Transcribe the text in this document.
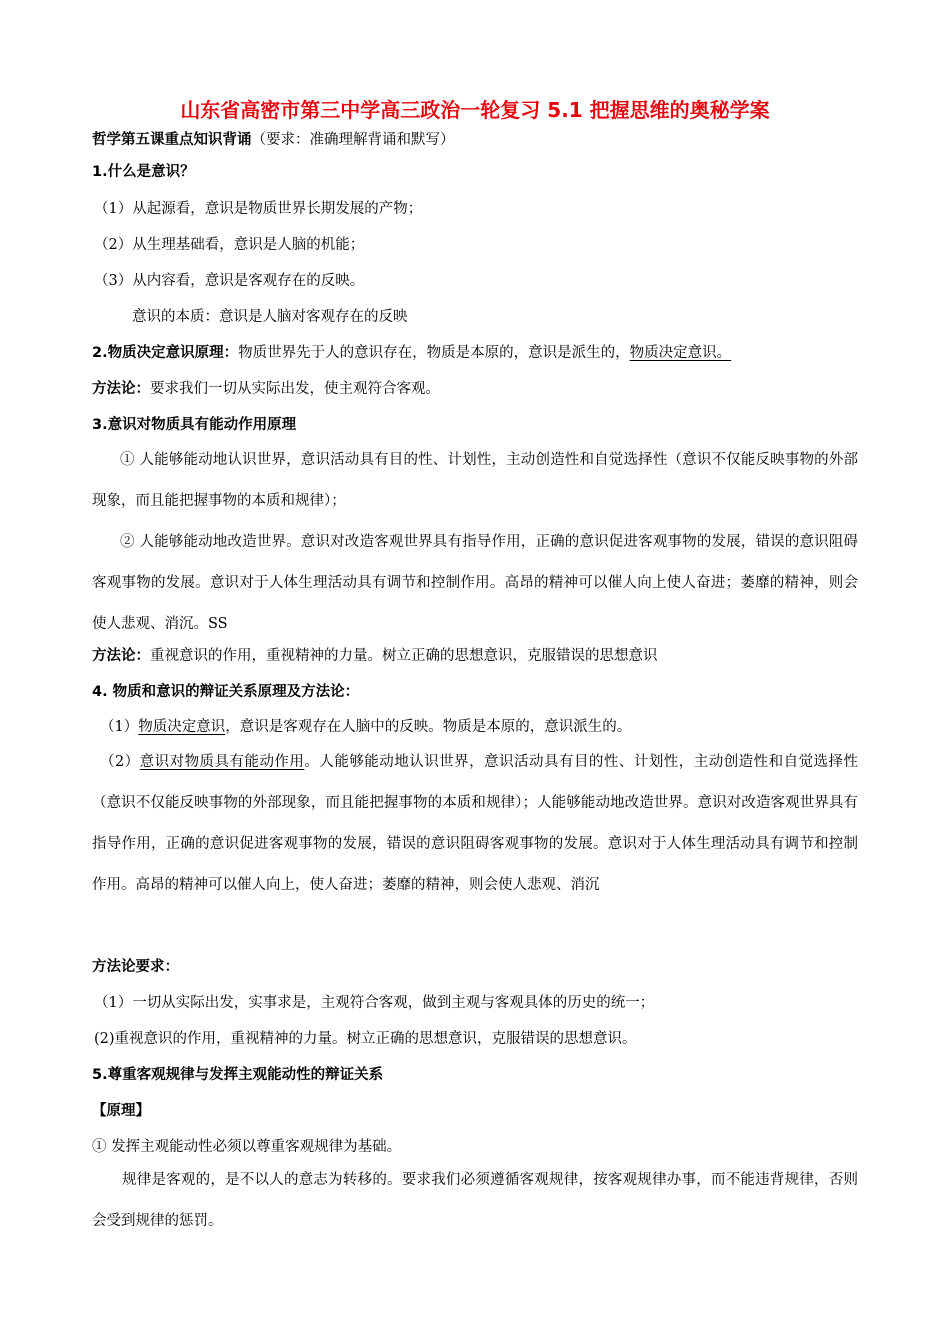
山东省高密市第三中学高三政治一轮复习 5.1 把握思维的奥秘学案
哲学第五课重点知识背诵（要求：准确理解背诵和默写）
1.什么是意识？
（1）从起源看，意识是物质世界长期发展的产物；
（2）从生理基础看，意识是人脑的机能；
（3）从内容看，意识是客观存在的反映。
意识的本质：意识是人脑对客观存在的反映
2.物质决定意识原理：物质世界先于人的意识存在，物质是本原的，意识是派生的，物质决定意识。
方法论：要求我们一切从实际出发，使主观符合客观。
3.意识对物质具有能动作用原理
① 人能够能动地认识世界，意识活动具有目的性、计划性，主动创造性和自觉选择性（意识不仅能反映事物的外部现象，而且能把握事物的本质和规律）；
② 人能够能动地改造世界。意识对改造客观世界具有指导作用，正确的意识促进客观事物的发展，错误的意识阻碍客观事物的发展。意识对于人体生理活动具有调节和控制作用。高昂的精神可以催人向上使人奋进；萎靡的精神，则会使人悲观、消沉。SS
方法论：重视意识的作用，重视精神的力量。树立正确的思想意识，克服错误的思想意识
4. 物质和意识的辩证关系原理及方法论：
（1）物质决定意识，意识是客观存在人脑中的反映。物质是本原的，意识派生的。
（2）意识对物质具有能动作用。人能够能动地认识世界，意识活动具有目的性、计划性，主动创造性和自觉选择性（意识不仅能反映事物的外部现象，而且能把握事物的本质和规律）；人能够能动地改造世界。意识对改造客观世界具有指导作用，正确的意识促进客观事物的发展，错误的意识阻碍客观事物的发展。意识对于人体生理活动具有调节和控制作用。高昂的精神可以催人向上，使人奋进；萎靡的精神，则会使人悲观、消沉
方法论要求：
（1）一切从实际出发，实事求是，主观符合客观，做到主观与客观具体的历史的统一；
(2)重视意识的作用，重视精神的力量。树立正确的思想意识，克服错误的思想意识。
5.尊重客观规律与发挥主观能动性的辩证关系
【原理】
① 发挥主观能动性必须以尊重客观规律为基础。
规律是客观的，是不以人的意志为转移的。要求我们必须遵循客观规律，按客观规律办事，而不能违背规律，否则会受到规律的惩罚。
